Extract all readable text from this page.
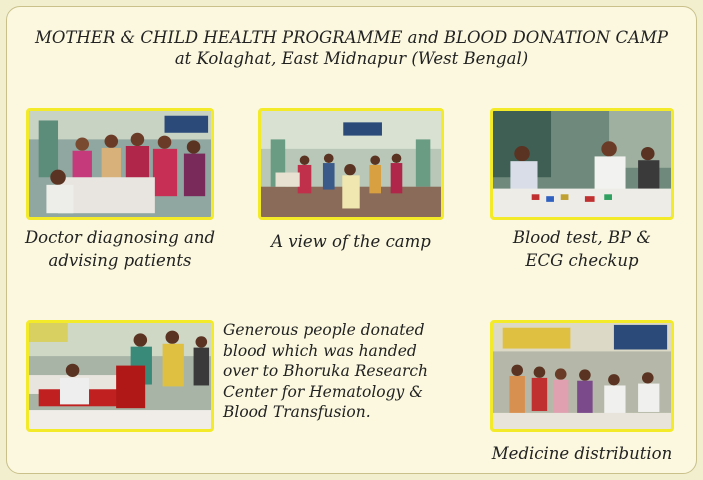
MOTHER & CHILD HEALTH PROGRAMME and BLOOD DONATION CAMP
at Kolaghat, East Midnapur (West Bengal)
Doctor diagnosing and
advising patients
A view of the camp	Blood test, BP &
ECG checkup
Generous people donated
blood which was handed
over to Bhoruka Research
Center for Hematology &
Blood Transfusion.
Medicine distribution
